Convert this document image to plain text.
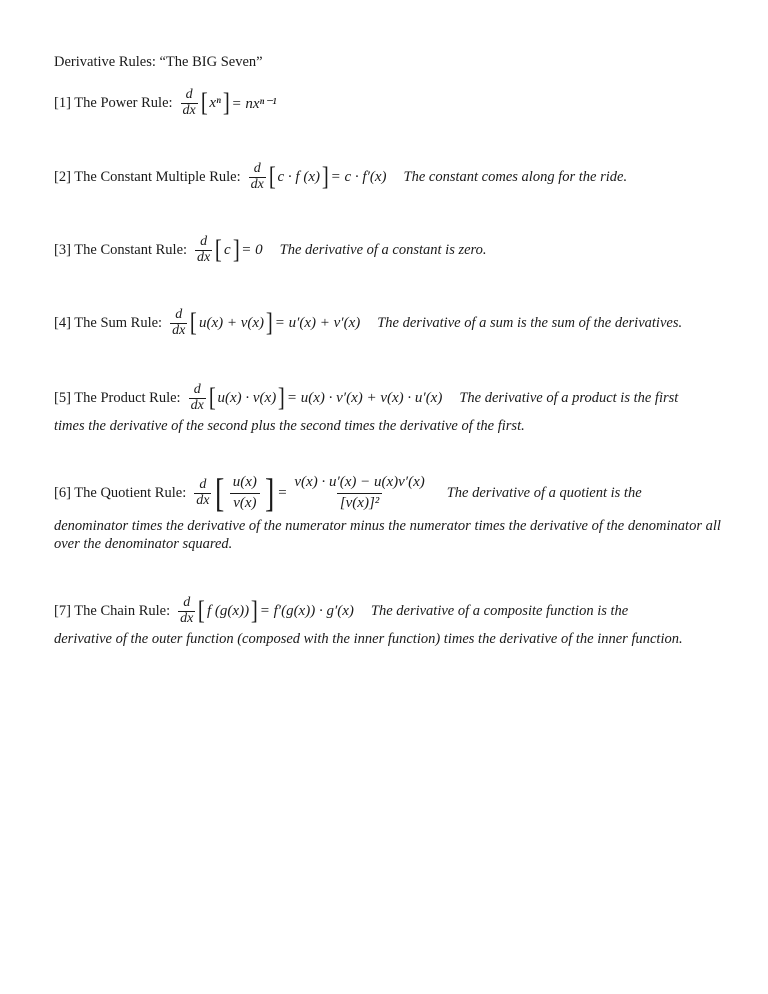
Derivative Rules: “The BIG Seven”
[1] The Power Rule: $\frac{d}{dx}$ [ xⁿ ] = nxⁿ⁻¹
[2] The Constant Multiple Rule: $\frac{d}{dx}$ [ c · f (x) ] = c · f′(x) The constant comes along for the ride.
[3] The Constant Rule: $\frac{d}{dx}$ [ c ] = 0 The derivative of a constant is zero.
[4] The Sum Rule: $\frac{d}{dx}$ [ u(x) + v(x) ] = u′(x) + v′(x) The derivative of a sum is the sum of the derivatives.
[5] The Product Rule: $\frac{d}{dx}$ [ u(x) · v(x) ] = u(x) · v′(x) + v(x) · u′(x) The derivative of a product is the first
times the derivative of the second plus the second times the derivative of the first.
[6] The Quotient Rule: $\frac{d}{dx}$ [ $\frac{u(x)}{v(x)}$ ] = $\frac{v(x) \cdot u'(x) - u(x)v'(x)}{\text{[v(x)]²}}$ The derivative of a quotient is the
denominator times the derivative of the numerator minus the numerator times the derivative of the denominator all over the denominator squared.
[7] The Chain Rule: $\frac{d}{dx}$ [ f (g(x)) ] = f′(g(x)) · g′(x) The derivative of a composite function is the
derivative of the outer function (composed with the inner function) times the derivative of the inner function.
